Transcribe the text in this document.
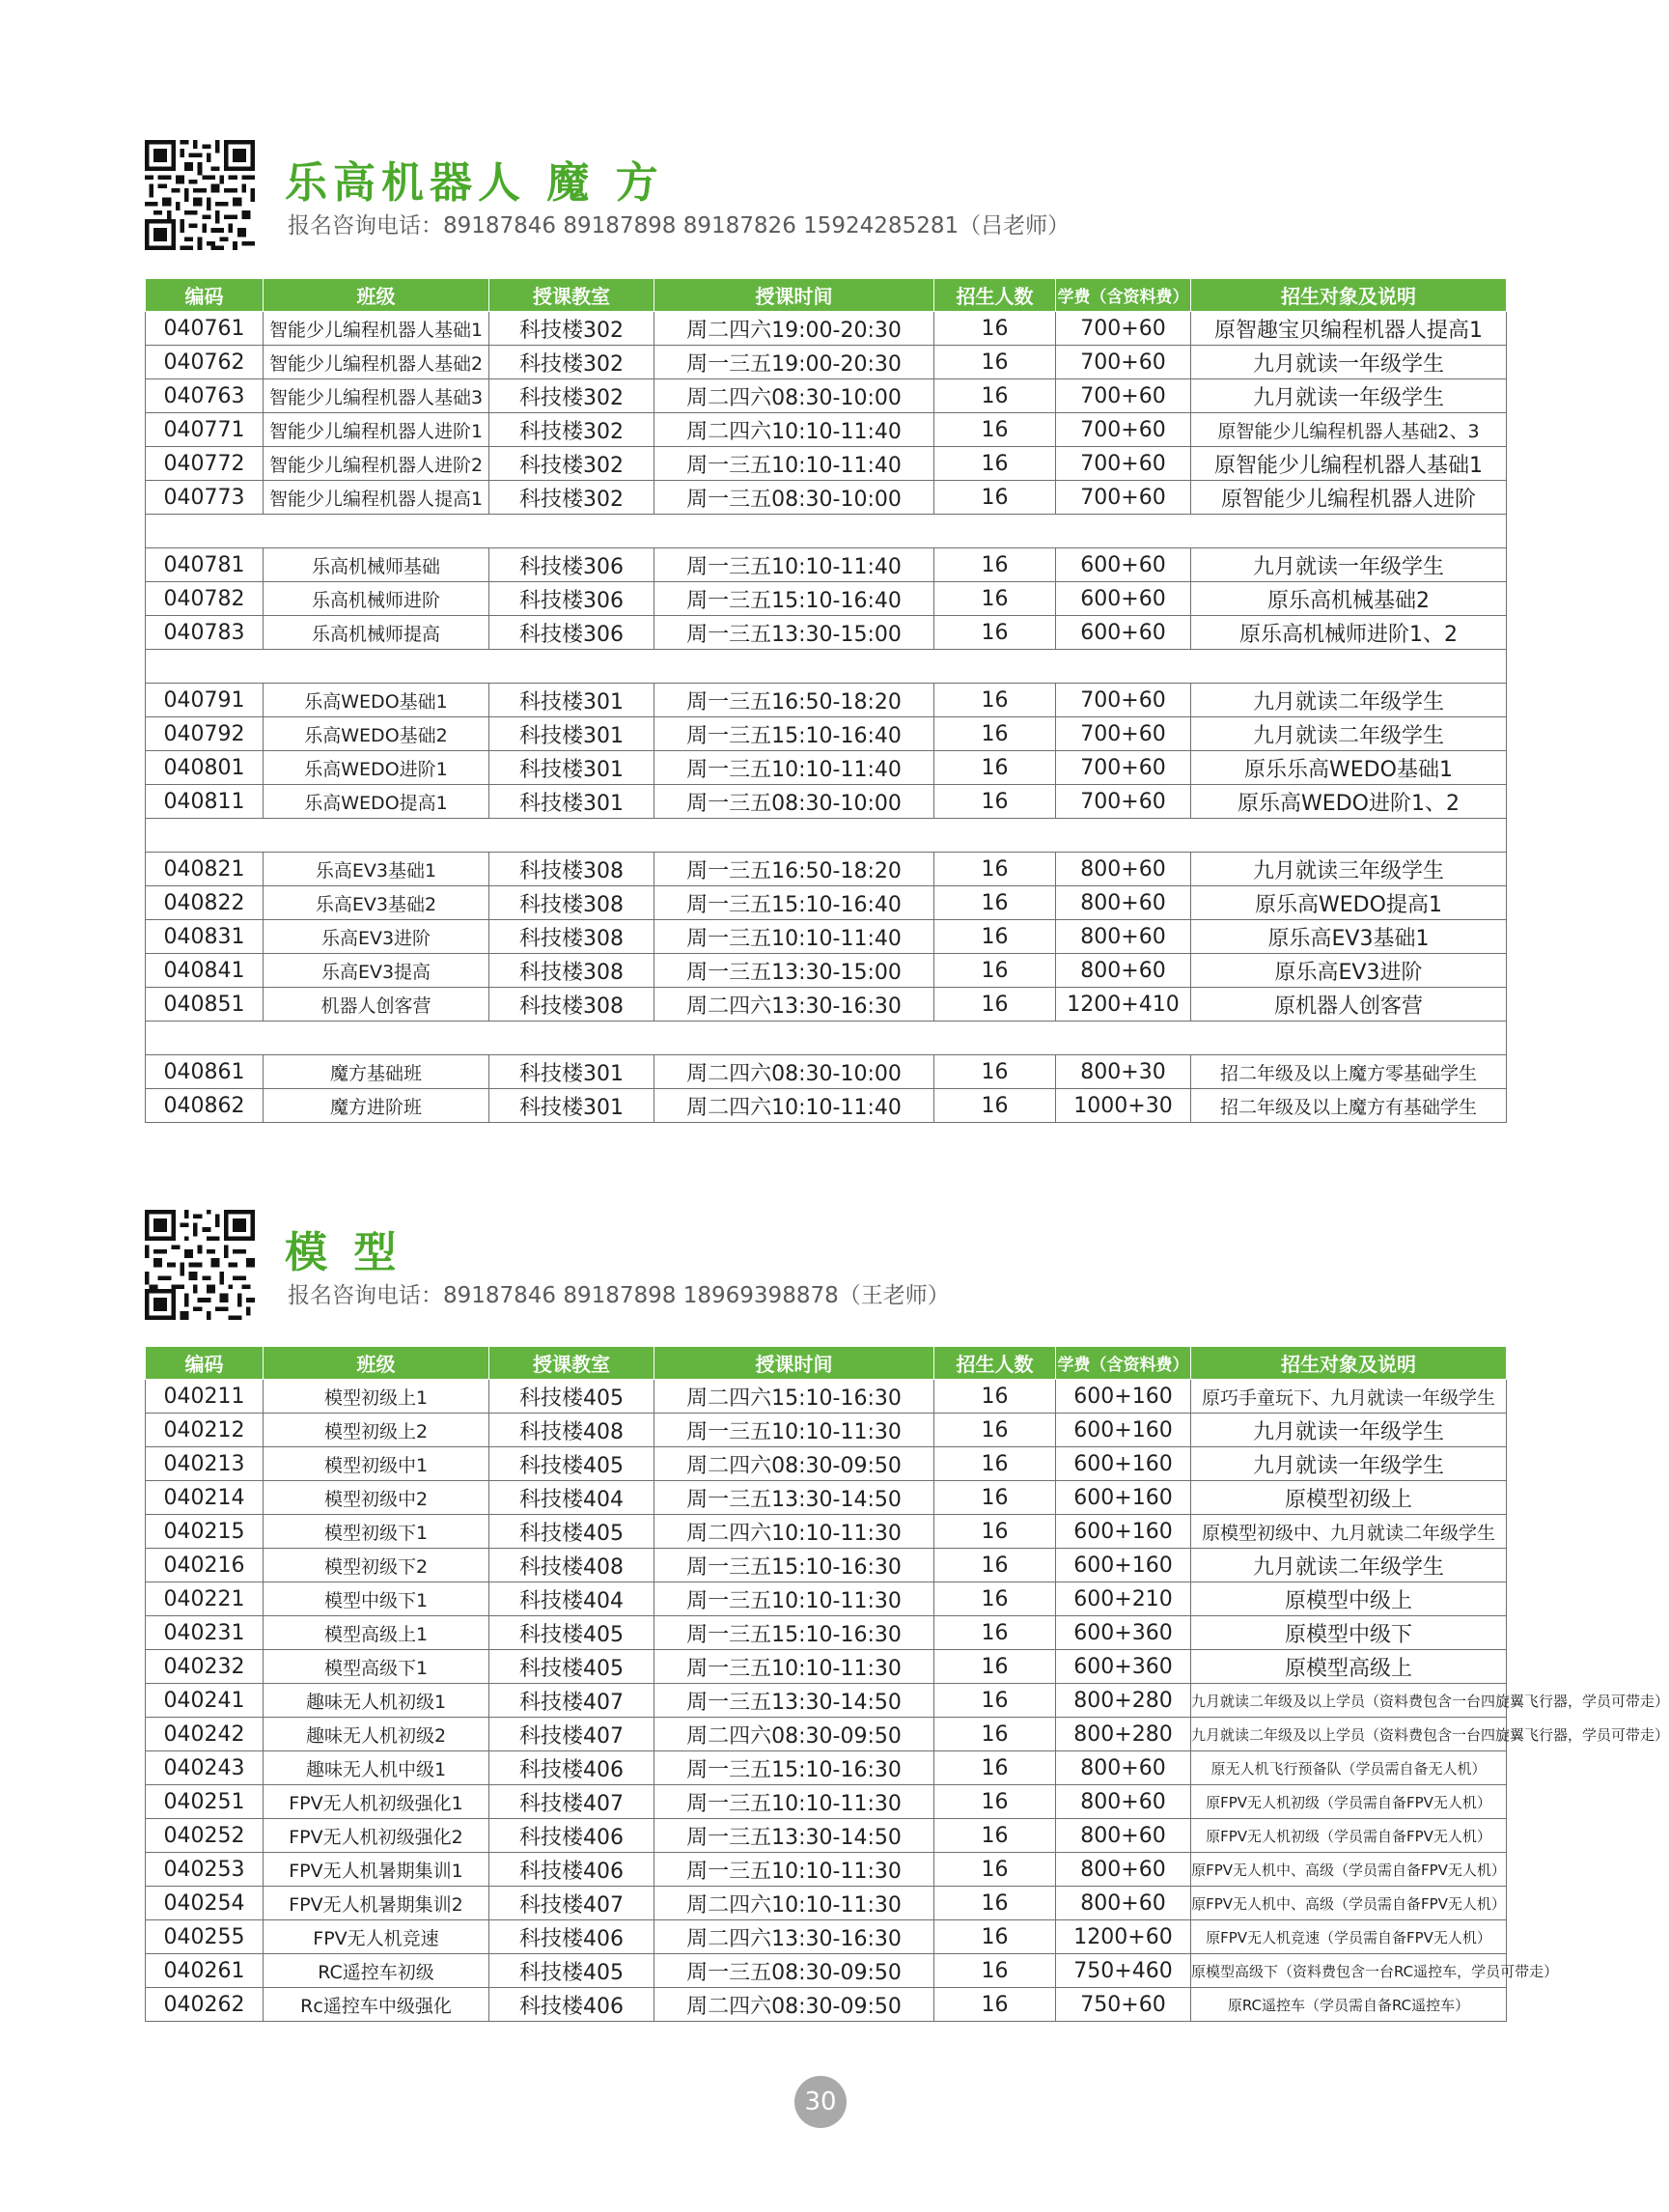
乐高机器人 魔 方
报名咨询电话：89187846 89187898 89187826 15924285281（吕老师）
编码	班级	授课教室	授课时间	招生人数	学费（含资料费）	招生对象及说明
040761	智能少儿编程机器人基础1	科技楼302	周二四六19:00-20:30	16	700+60	原智趣宝贝编程机器人提高1
040762	智能少儿编程机器人基础2	科技楼302	周一三五19:00-20:30	16	700+60	九月就读一年级学生
040763	智能少儿编程机器人基础3	科技楼302	周二四六08:30-10:00	16	700+60	九月就读一年级学生
040771	智能少儿编程机器人进阶1	科技楼302	周二四六10:10-11:40	16	700+60	原智能少儿编程机器人基础2、3
040772	智能少儿编程机器人进阶2	科技楼302	周一三五10:10-11:40	16	700+60	原智能少儿编程机器人基础1
040773	智能少儿编程机器人提高1	科技楼302	周一三五08:30-10:00	16	700+60	原智能少儿编程机器人进阶

040781	乐高机械师基础	科技楼306	周一三五10:10-11:40	16	600+60	九月就读一年级学生
040782	乐高机械师进阶	科技楼306	周一三五15:10-16:40	16	600+60	原乐高机械基础2
040783	乐高机械师提高	科技楼306	周一三五13:30-15:00	16	600+60	原乐高机械师进阶1、2

040791	乐高WEDO基础1	科技楼301	周一三五16:50-18:20	16	700+60	九月就读二年级学生
040792	乐高WEDO基础2	科技楼301	周一三五15:10-16:40	16	700+60	九月就读二年级学生
040801	乐高WEDO进阶1	科技楼301	周一三五10:10-11:40	16	700+60	原乐乐高WEDO基础1
040811	乐高WEDO提高1	科技楼301	周一三五08:30-10:00	16	700+60	原乐高WEDO进阶1、2

040821	乐高EV3基础1	科技楼308	周一三五16:50-18:20	16	800+60	九月就读三年级学生
040822	乐高EV3基础2	科技楼308	周一三五15:10-16:40	16	800+60	原乐高WEDO提高1
040831	乐高EV3进阶	科技楼308	周一三五10:10-11:40	16	800+60	原乐高EV3基础1
040841	乐高EV3提高	科技楼308	周一三五13:30-15:00	16	800+60	原乐高EV3进阶
040851	机器人创客营	科技楼308	周二四六13:30-16:30	16	1200+410	原机器人创客营

040861	魔方基础班	科技楼301	周二四六08:30-10:00	16	800+30	招二年级及以上魔方零基础学生
040862	魔方进阶班	科技楼301	周二四六10:10-11:40	16	1000+30	招二年级及以上魔方有基础学生
模 型
报名咨询电话：89187846 89187898 18969398878（王老师）
编码	班级	授课教室	授课时间	招生人数	学费（含资料费）	招生对象及说明
040211	模型初级上1	科技楼405	周二四六15:10-16:30	16	600+160	原巧手童玩下、九月就读一年级学生
040212	模型初级上2	科技楼408	周一三五10:10-11:30	16	600+160	九月就读一年级学生
040213	模型初级中1	科技楼405	周二四六08:30-09:50	16	600+160	九月就读一年级学生
040214	模型初级中2	科技楼404	周一三五13:30-14:50	16	600+160	原模型初级上
040215	模型初级下1	科技楼405	周二四六10:10-11:30	16	600+160	原模型初级中、九月就读二年级学生
040216	模型初级下2	科技楼408	周一三五15:10-16:30	16	600+160	九月就读二年级学生
040221	模型中级下1	科技楼404	周一三五10:10-11:30	16	600+210	原模型中级上
040231	模型高级上1	科技楼405	周一三五15:10-16:30	16	600+360	原模型中级下
040232	模型高级下1	科技楼405	周一三五10:10-11:30	16	600+360	原模型高级上
040241	趣味无人机初级1	科技楼407	周一三五13:30-14:50	16	800+280	九月就读二年级及以上学员（资料费包含一台四旋翼飞行器，学员可带走）
040242	趣味无人机初级2	科技楼407	周二四六08:30-09:50	16	800+280	九月就读二年级及以上学员（资料费包含一台四旋翼飞行器，学员可带走）
040243	趣味无人机中级1	科技楼406	周一三五15:10-16:30	16	800+60	原无人机飞行预备队（学员需自备无人机）
040251	FPV无人机初级强化1	科技楼407	周一三五10:10-11:30	16	800+60	原FPV无人机初级（学员需自备FPV无人机）
040252	FPV无人机初级强化2	科技楼406	周一三五13:30-14:50	16	800+60	原FPV无人机初级（学员需自备FPV无人机）
040253	FPV无人机暑期集训1	科技楼406	周一三五10:10-11:30	16	800+60	原FPV无人机中、高级（学员需自备FPV无人机）
040254	FPV无人机暑期集训2	科技楼407	周二四六10:10-11:30	16	800+60	原FPV无人机中、高级（学员需自备FPV无人机）
040255	FPV无人机竞速	科技楼406	周二四六13:30-16:30	16	1200+60	原FPV无人机竞速（学员需自备FPV无人机）
040261	RC遥控车初级	科技楼405	周一三五08:30-09:50	16	750+460	原模型高级下（资料费包含一台RC遥控车，学员可带走）
040262	Rc遥控车中级强化	科技楼406	周二四六08:30-09:50	16	750+60	原RC遥控车（学员需自备RC遥控车）
30
